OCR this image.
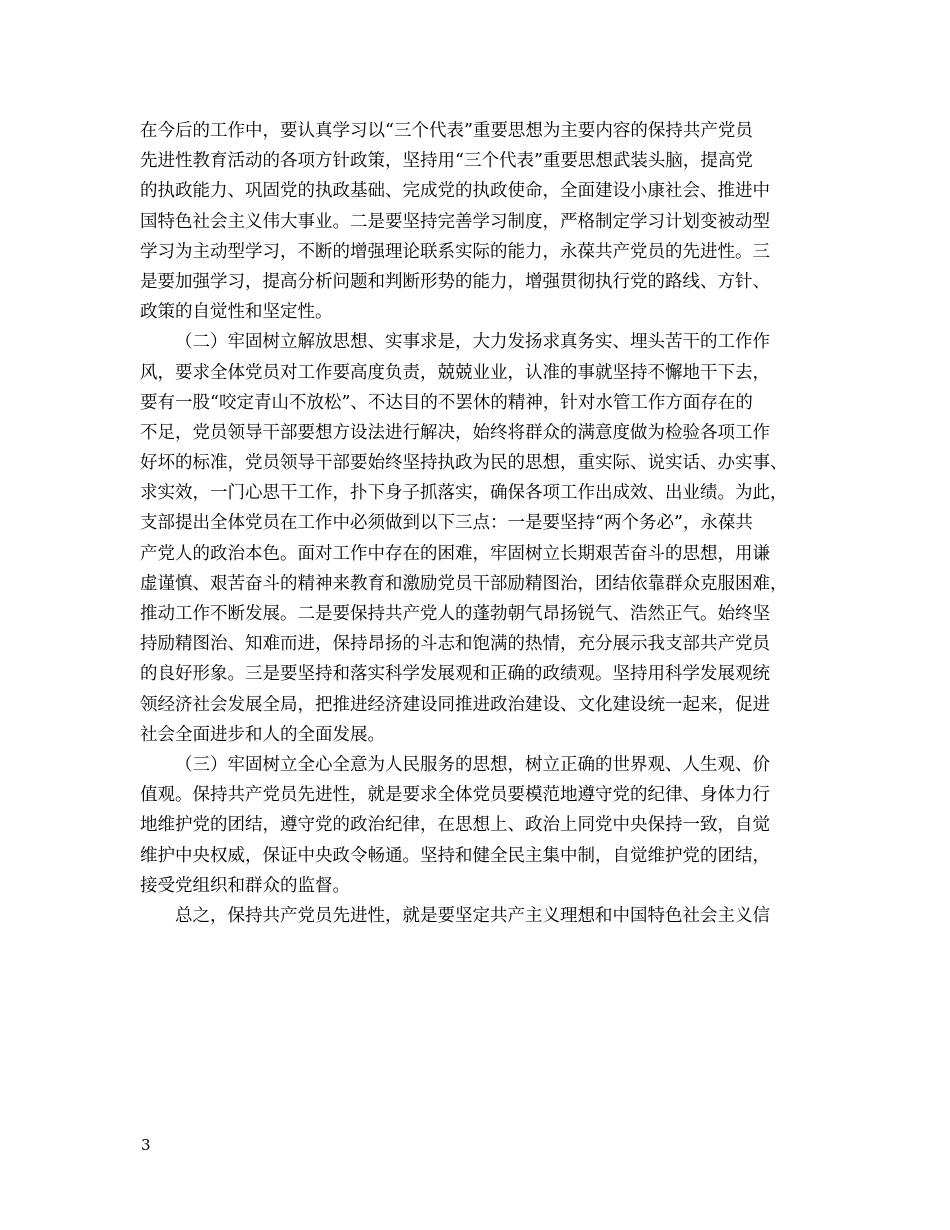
在今后的工作中，要认真学习以“三个代表”重要思想为主要内容的保持共产党员
先进性教育活动的各项方针政策，坚持用“三个代表”重要思想武装头脑，提高党
的执政能力、巩固党的执政基础、完成党的执政使命，全面建设小康社会、推进中
国特色社会主义伟大事业。二是要坚持完善学习制度，严格制定学习计划变被动型
学习为主动型学习，不断的增强理论联系实际的能力，永葆共产党员的先进性。三
是要加强学习，提高分析问题和判断形势的能力，增强贯彻执行党的路线、方针、
政策的自觉性和坚定性。
（二）牢固树立解放思想、实事求是，大力发扬求真务实、埋头苦干的工作作
风，要求全体党员对工作要高度负责，兢兢业业，认准的事就坚持不懈地干下去，
要有一股“咬定青山不放松”、不达目的不罢休的精神，针对水管工作方面存在的
不足，党员领导干部要想方设法进行解决，始终将群众的满意度做为检验各项工作
好坏的标准，党员领导干部要始终坚持执政为民的思想，重实际、说实话、办实事、
求实效，一门心思干工作，扑下身子抓落实，确保各项工作出成效、出业绩。为此，
支部提出全体党员在工作中必须做到以下三点：一是要坚持“两个务必”，永葆共
产党人的政治本色。面对工作中存在的困难，牢固树立长期艰苦奋斗的思想，用谦
虚谨慎、艰苦奋斗的精神来教育和激励党员干部励精图治，团结依靠群众克服困难，
推动工作不断发展。二是要保持共产党人的蓬勃朝气昂扬锐气、浩然正气。始终坚
持励精图治、知难而进，保持昂扬的斗志和饱满的热情，充分展示我支部共产党员
的良好形象。三是要坚持和落实科学发展观和正确的政绩观。坚持用科学发展观统
领经济社会发展全局，把推进经济建设同推进政治建设、文化建设统一起来，促进
社会全面进步和人的全面发展。
（三）牢固树立全心全意为人民服务的思想，树立正确的世界观、人生观、价
值观。保持共产党员先进性，就是要求全体党员要模范地遵守党的纪律、身体力行
地维护党的团结，遵守党的政治纪律，在思想上、政治上同党中央保持一致，自觉
维护中央权威，保证中央政令畅通。坚持和健全民主集中制，自觉维护党的团结，
接受党组织和群众的监督。
总之，保持共产党员先进性，就是要坚定共产主义理想和中国特色社会主义信
3
